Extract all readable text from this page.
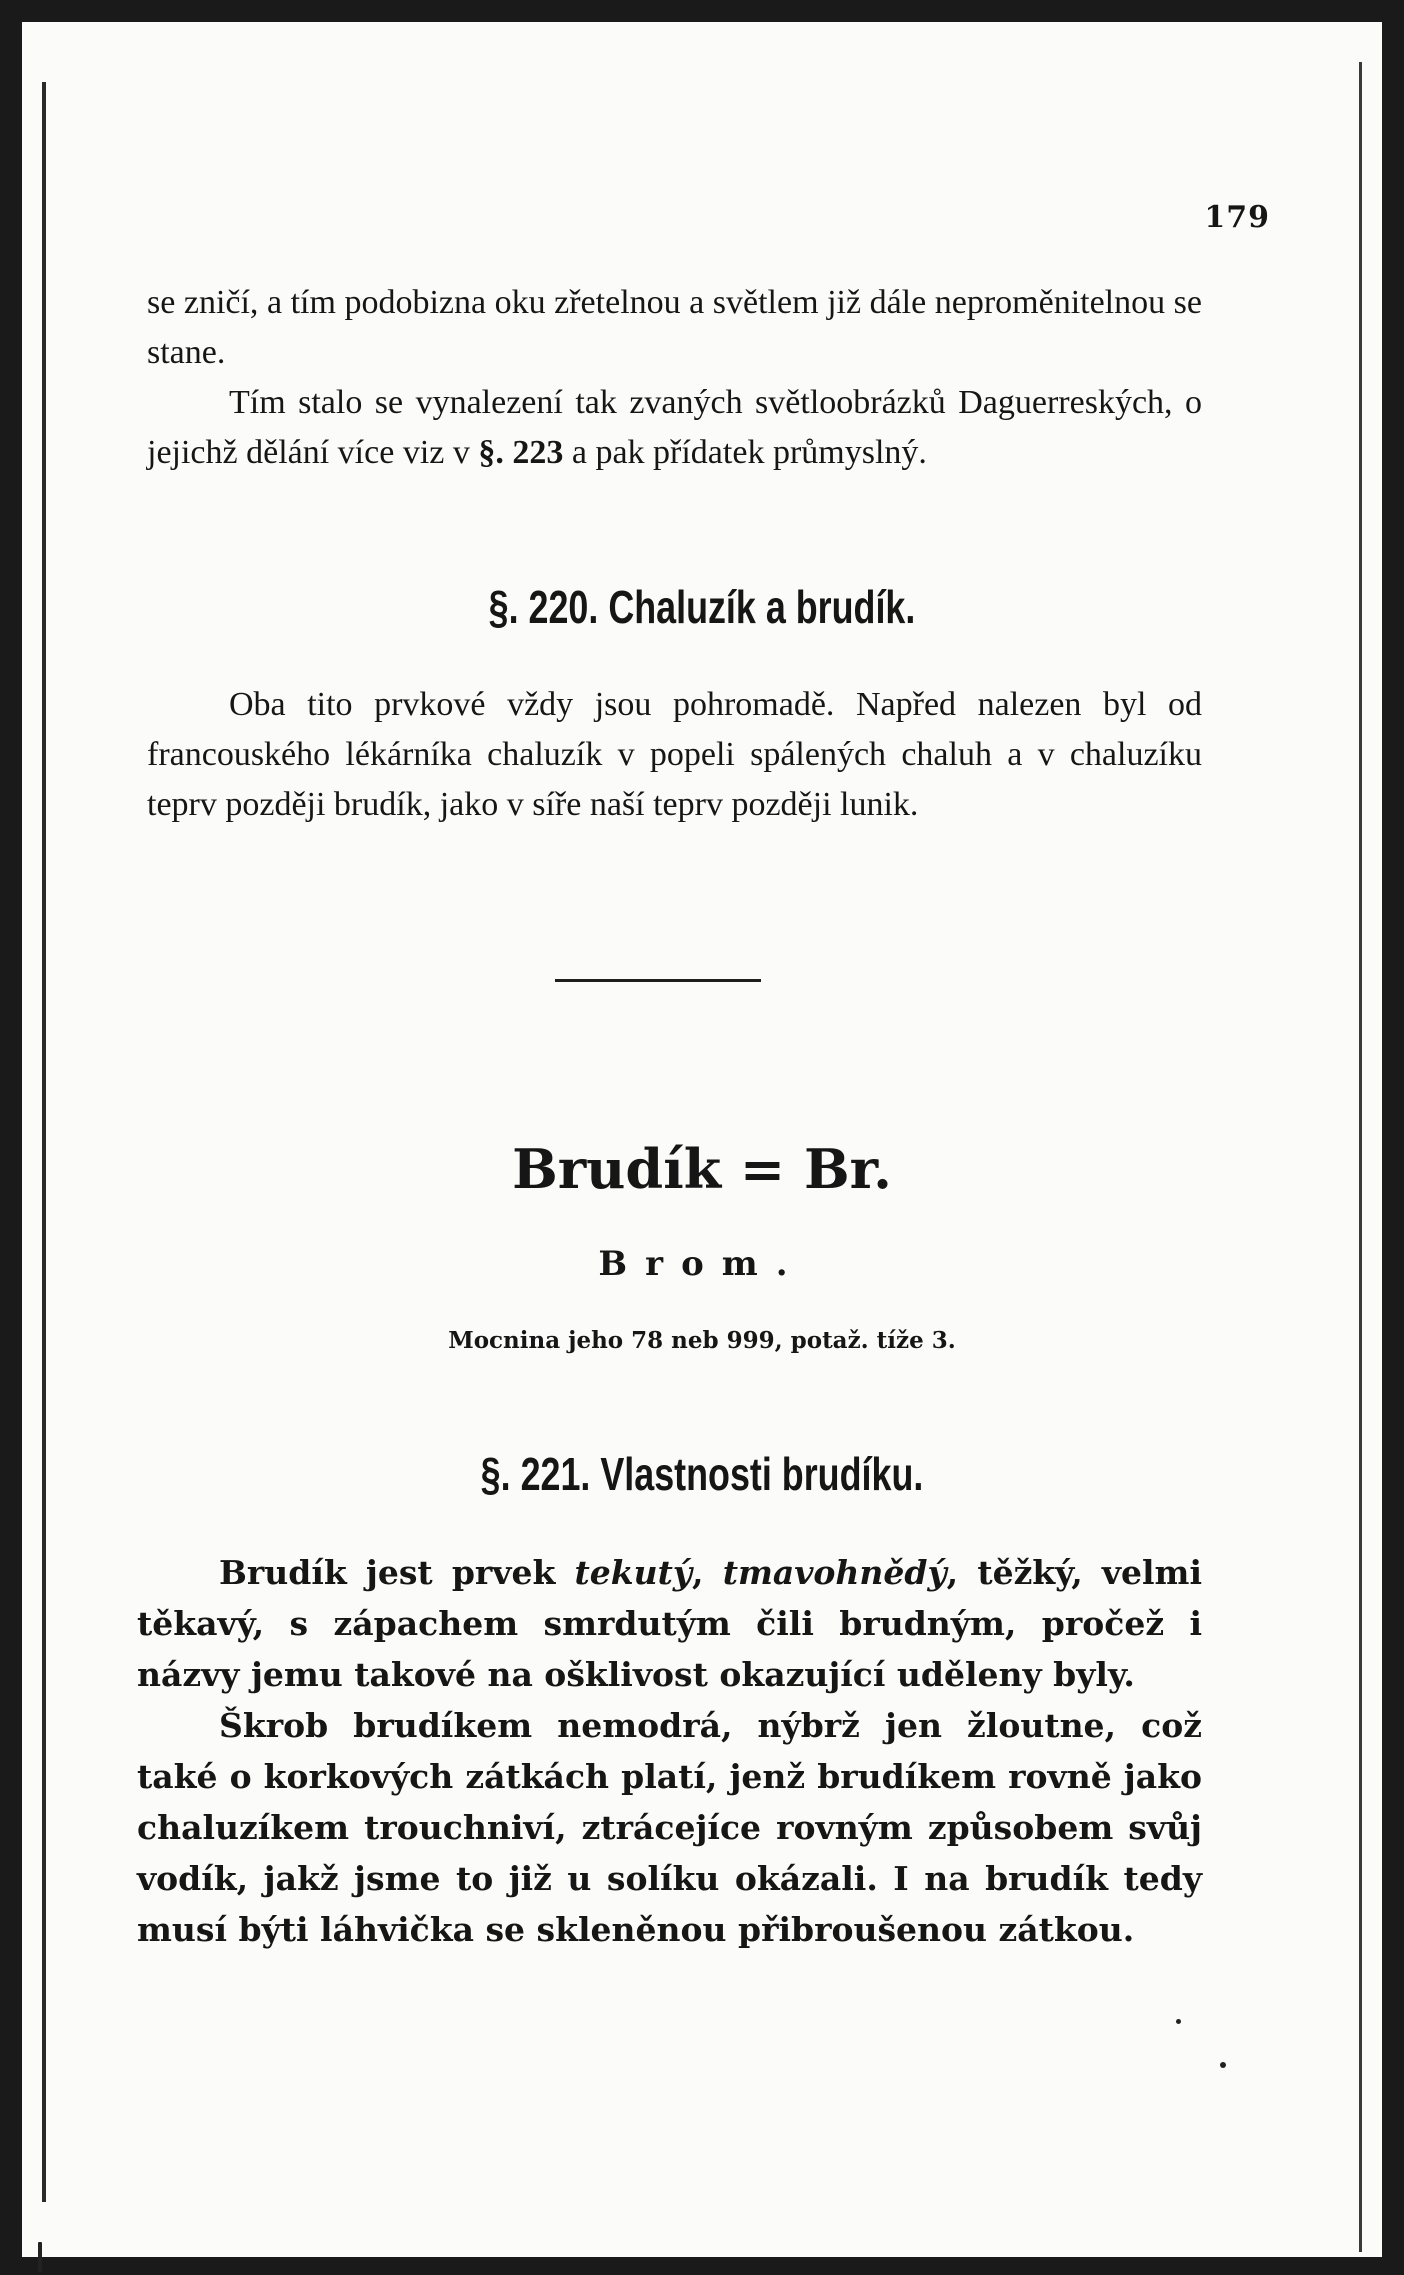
179
se zničí, a tím podobizna oku zřetelnou a světlem již dále neproměnitelnou se stane.
Tím stalo se vynalezení tak zvaných světloobrázků Daguerreských, o jejichž dělání více viz v §. 223 a pak přídatek průmyslný.
§. 220. Chaluzík a brudík.

Oba tito prvkové vždy jsou pohromadě. Napřed nalezen byl od francouského lékárníka chaluzík v popeli spálených chaluh a v chaluzíku teprv později brudík, jako v síře naší teprv později lunik.

Brudík = Br.
Brom.
Mocnina jeho 78 neb 999, potaž. tíže 3.
§. 221. Vlastnosti brudíku.
Brudík jest prvek tekutý, tmavohnědý, těžký, velmi těkavý, s zápachem smrdutým čili brudným, pročež i názvy jemu takové na ošklivost okazující uděleny byly.
Škrob brudíkem nemodrá, nýbrž jen žloutne, což také o korkových zátkách platí, jenž brudíkem rovně jako chaluzíkem trouchniví, ztrácejíce rovným způsobem svůj vodík, jakž jsme to již u solíku okázali. I na brudík tedy musí býti láhvička se skleněnou přibroušenou zátkou.
